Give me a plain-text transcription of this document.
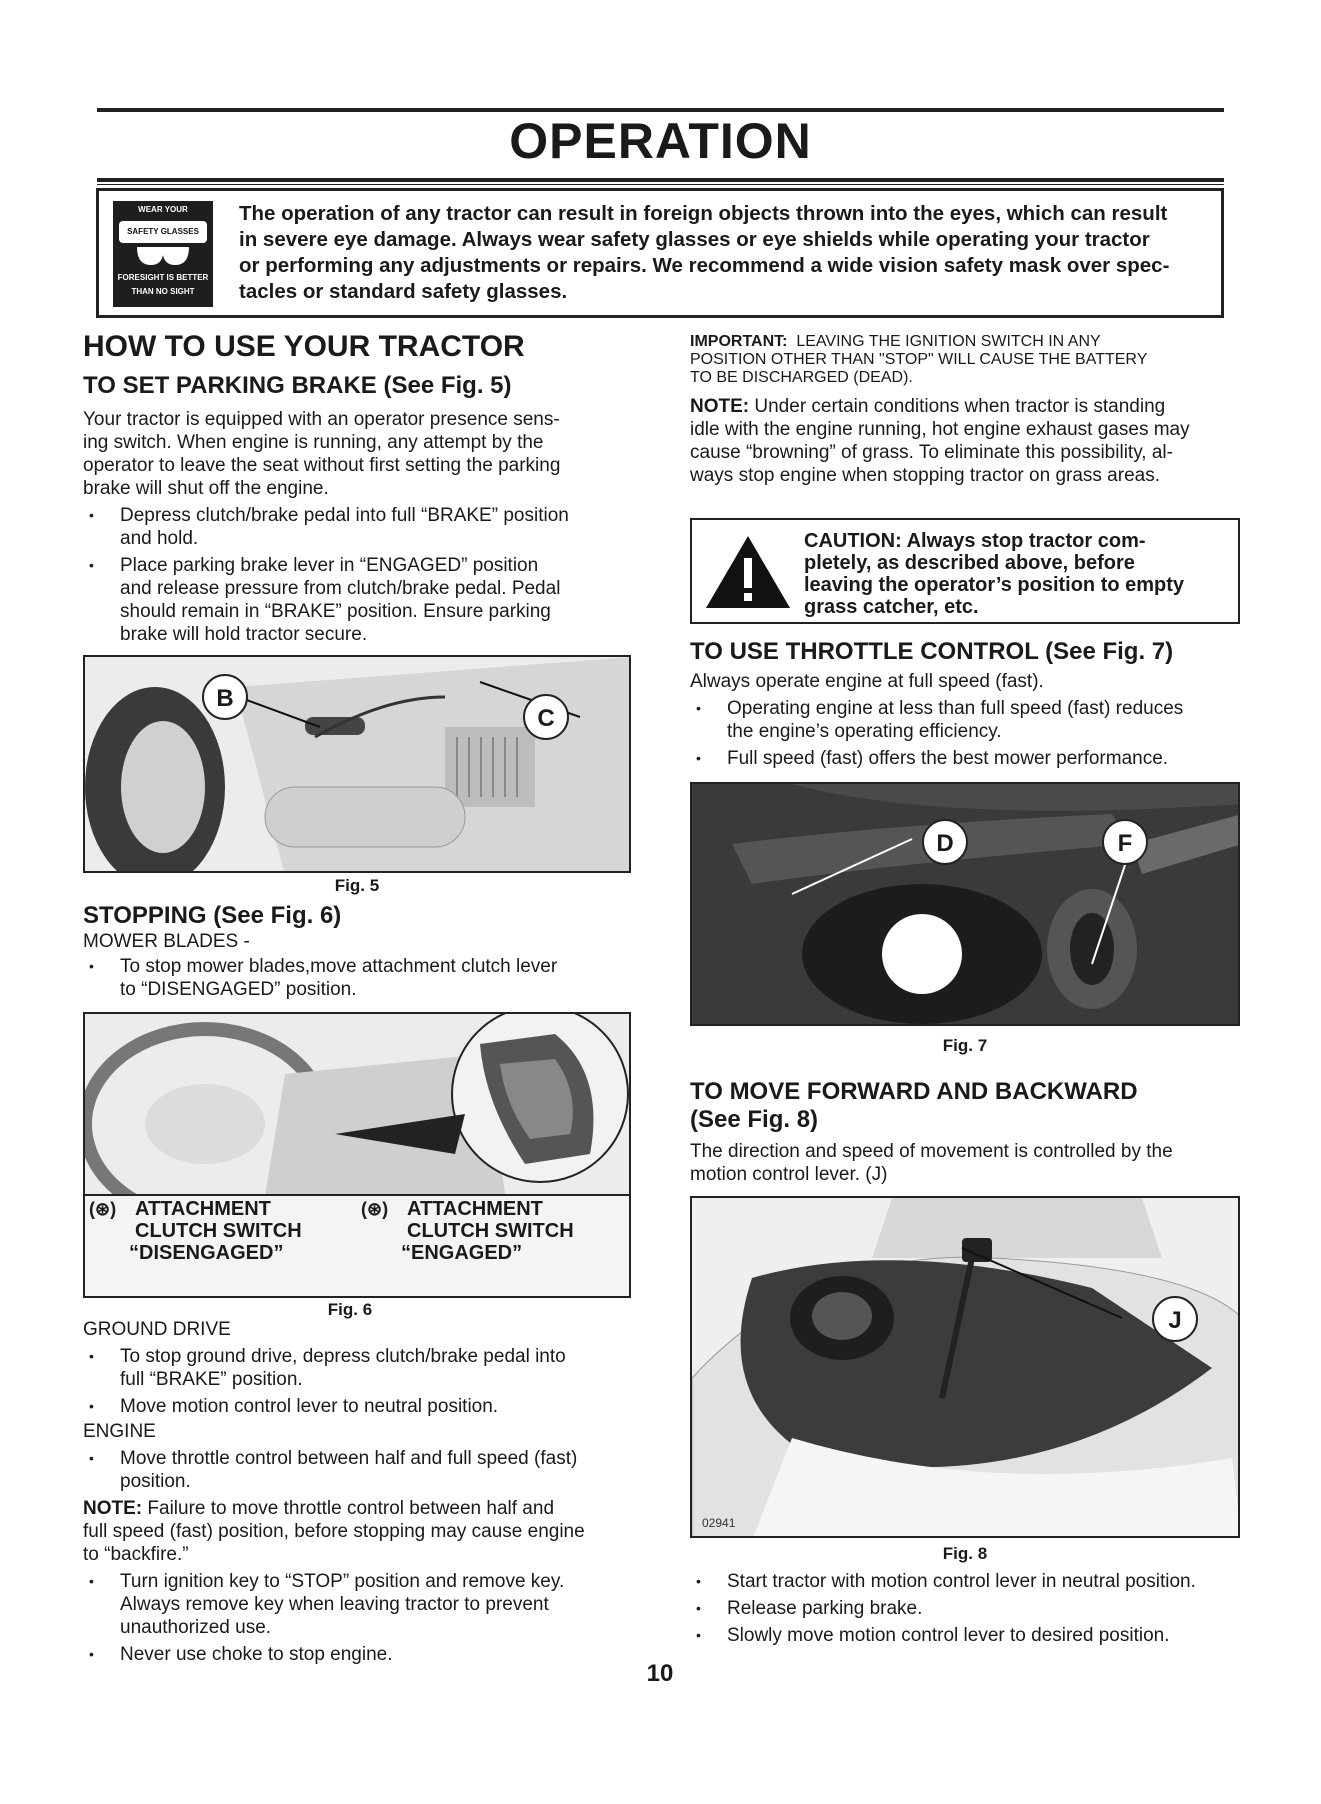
OPERATION
WEAR YOUR
SAFETY GLASSES
FORESIGHT IS BETTER
THAN NO SIGHT
The operation of any tractor can result in foreign objects thrown into the eyes, which can result
in severe eye damage. Always wear safety glasses or eye shields while operating your tractor
or performing any adjustments or repairs. We recommend a wide vision safety mask over spec-
tacles or standard safety glasses.
HOW TO USE YOUR TRACTOR
TO SET PARKING BRAKE (See Fig. 5)
Your tractor is equipped with an operator presence sens-
ing switch. When engine is running, any attempt by the
operator to leave the seat without first setting the parking
brake will shut off the engine.
• Depress clutch/brake pedal into full “BRAKE” position
and hold.
• Place parking brake lever in “ENGAGED” position
and release pressure from clutch/brake pedal. Pedal
should remain in “BRAKE” position. Ensure parking
brake will hold tractor secure.
B
C
Fig. 5
STOPPING (See Fig. 6)
MOWER BLADES -
• To stop mower blades,move attachment clutch lever
to “DISENGAGED” position.
(⊛) ATTACHMENT
CLUTCH SWITCH
“DISENGAGED”
(⊛) ATTACHMENT
CLUTCH SWITCH
“ENGAGED”
Fig. 6
GROUND DRIVE
• To stop ground drive, depress clutch/brake pedal into
full “BRAKE” position.
• Move motion control lever to neutral position.
ENGINE
• Move throttle control between half and full speed (fast)
position.
NOTE: Failure to move throttle control between half and
full speed (fast) position, before stopping may cause engine
to “backfire.”
• Turn ignition key to “STOP” position and remove key.
Always remove key when leaving tractor to prevent
unauthorized use.
• Never use choke to stop engine.
IMPORTANT: LEAVING THE IGNITION SWITCH IN ANY
POSITION OTHER THAN "STOP" WILL CAUSE THE BATTERY
TO BE DISCHARGED (DEAD).
NOTE: Under certain conditions when tractor is standing
idle with the engine running, hot engine exhaust gases may
cause “browning” of grass. To eliminate this possibility, al-
ways stop engine when stopping tractor on grass areas.
CAUTION: Always stop tractor com-
pletely, as described above, before
leaving the operator’s position to empty
grass catcher, etc.
TO USE THROTTLE CONTROL (See Fig. 7)
Always operate engine at full speed (fast).
• Operating engine at less than full speed (fast) reduces
the engine’s operating efficiency.
• Full speed (fast) offers the best mower performance.
D	F
Fig. 7
TO MOVE FORWARD AND BACKWARD
(See Fig. 8)
The direction and speed of movement is controlled by the
motion control lever. (J)
J
02941
Fig. 8
• Start tractor with motion control lever in neutral position.
• Release parking brake.
• Slowly move motion control lever to desired position.
10
